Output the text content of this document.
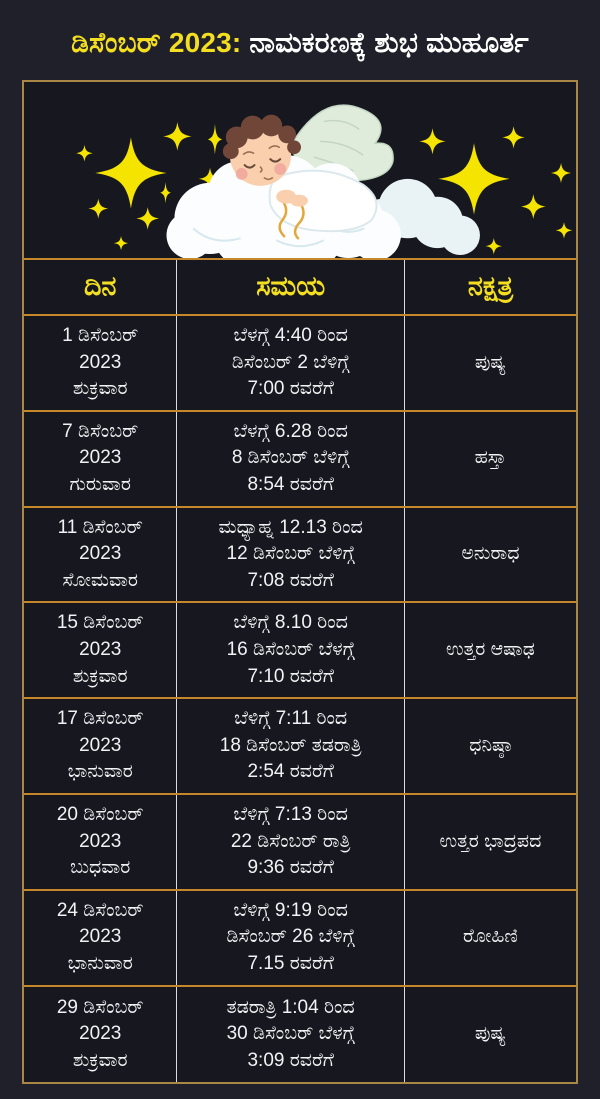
ಡಿಸೆಂಬರ್ 2023: ನಾಮಕರಣಕ್ಕೆ ಶುಭ ಮುಹೂರ್ತ
ದಿನ	ಸಮಯ	ನಕ್ಷತ್ರ
1 ಡಿಸೆಂಬರ್
2023
ಶುಕ್ರವಾರ
ಬೆಳಗ್ಗೆ 4:40 ರಿಂದ
ಡಿಸೆಂಬರ್ 2 ಬೆಳಿಗ್ಗೆ
7:00 ರವರೆಗೆ
ಪುಷ್ಯ
7 ಡಿಸೆಂಬರ್
2023
ಗುರುವಾರ
ಬೆಳಗ್ಗೆ 6.28 ರಿಂದ
8 ಡಿಸೆಂಬರ್ ಬೆಳಿಗ್ಗೆ
8:54 ರವರೆಗೆ
ಹಸ್ತಾ
11 ಡಿಸೆಂಬರ್
2023
ಸೋಮವಾರ
ಮಧ್ಯಾಹ್ನ 12.13 ರಿಂದ
12 ಡಿಸೆಂಬರ್ ಬೆಳಿಗ್ಗೆ
7:08 ರವರೆಗೆ
ಅನುರಾಧ
15 ಡಿಸೆಂಬರ್
2023
ಶುಕ್ರವಾರ
ಬೆಳಿಗ್ಗೆ 8.10 ರಿಂದ
16 ಡಿಸೆಂಬರ್ ಬೆಳಗ್ಗೆ
7:10 ರವರೆಗೆ
ಉತ್ತರ ಆಷಾಢ
17 ಡಿಸೆಂಬರ್
2023
ಭಾನುವಾರ
ಬೆಳಿಗ್ಗೆ 7:11 ರಿಂದ
18 ಡಿಸೆಂಬರ್ ತಡರಾತ್ರಿ
2:54 ರವರೆಗೆ
ಧನಿಷ್ಠಾ
20 ಡಿಸೆಂಬರ್
2023
ಬುಧವಾರ
ಬೆಳಿಗ್ಗೆ 7:13 ರಿಂದ
22 ಡಿಸೆಂಬರ್ ರಾತ್ರಿ
9:36 ರವರೆಗೆ
ಉತ್ತರ ಭಾದ್ರಪದ
24 ಡಿಸೆಂಬರ್
2023
ಭಾನುವಾರ
ಬೆಳಿಗ್ಗೆ 9:19 ರಿಂದ
ಡಿಸೆಂಬರ್ 26 ಬೆಳಿಗ್ಗೆ
7.15 ರವರೆಗೆ
ರೋಹಿಣಿ
29 ಡಿಸೆಂಬರ್
2023
ಶುಕ್ರವಾರ
ತಡರಾತ್ರಿ 1:04 ರಿಂದ
30 ಡಿಸೆಂಬರ್ ಬೆಳಗ್ಗೆ
3:09 ರವರೆಗೆ
ಪುಷ್ಯ
